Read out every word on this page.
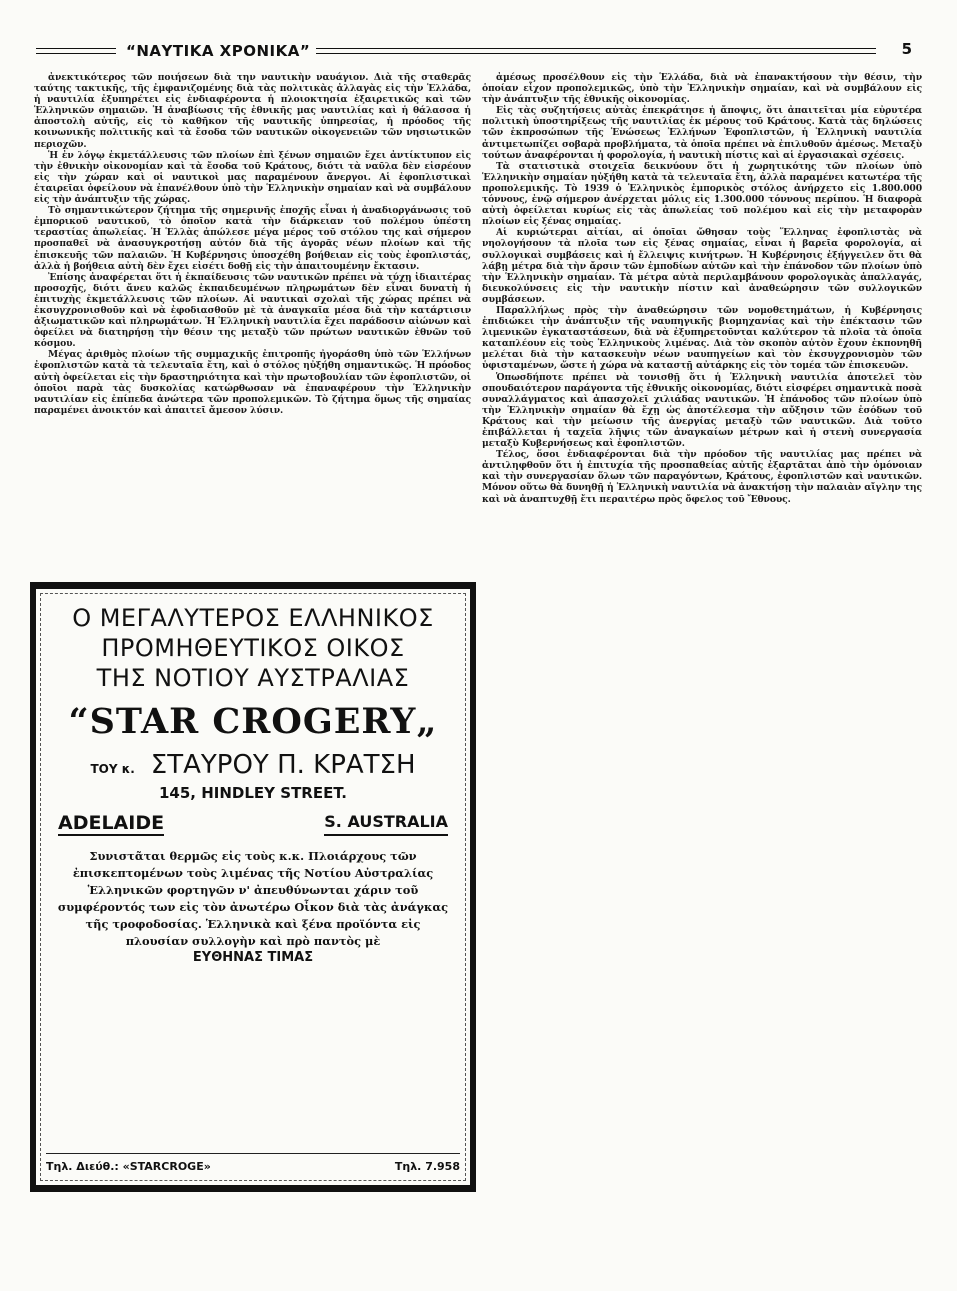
“ΝΑΥΤΙΚΑ ΧΡΟΝΙΚΑ”	5

ἀνεκτικότερος τῶν ποιήσεων διὰ την ναυτικὴν ναυάγιον. Διὰ τῆς σταθερᾶς ταύτης τακτικῆς, τῆς ἐμφανιζομένης διὰ τὰς πολιτικὰς ἀλλαγὰς εἰς τὴν Ἑλλάδα, ἡ ναυτιλία ἐξυπηρέτει εἰς ἐνδιαφέροντα ἡ πλοιοκτησία ἐξαιρετικῶς καὶ τῶν Ἑλληνικῶν σημαιῶν. Ἡ ἀναβίωσις τῆς ἐθνικῆς μας ναυτιλίας καὶ ἡ θάλασσα ἡ ἀποστολὴ αὐτῆς, εἰς τὸ καθῆκον τῆς ναυτικῆς ὑπηρεσίας, ἡ πρόοδος τῆς κοινωνικῆς πολιτικῆς καὶ τὰ ἔσοδα τῶν ναυτικῶν οἰκογενειῶν τῶν νησιωτικῶν περιοχῶν.

Ἡ ἐν λόγῳ ἐκμετάλλευσις τῶν πλοίων ἐπὶ ξένων σημαιῶν ἔχει ἀντίκτυπον εἰς τὴν ἐθνικὴν οἰκονομίαν καὶ τὰ ἔσοδα τοῦ Κράτους, διότι τὰ ναῦλα δὲν εἰσρέουν εἰς τὴν χώραν καὶ οἱ ναυτικοὶ μας παραμένουν ἄνεργοι. Αἱ ἐφοπλιστικαὶ ἑταιρεῖαι ὀφείλουν νὰ ἐπανέλθουν ὑπὸ τὴν Ἑλληνικὴν σημαίαν καὶ νὰ συμβάλουν εἰς τὴν ἀνάπτυξιν τῆς χώρας.

Τὸ σημαντικώτερον ζήτημα τῆς σημερινῆς ἐποχῆς εἶναι ἡ ἀναδιοργάνωσις τοῦ ἐμπορικοῦ ναυτικοῦ, τὸ ὁποῖον κατὰ τὴν διάρκειαν τοῦ πολέμου ὑπέστη τεραστίας ἀπωλείας. Ἡ Ἑλλὰς ἀπώλεσε μέγα μέρος τοῦ στόλου της καὶ σήμερον προσπαθεῖ νὰ ἀνασυγκροτήσῃ αὐτόν διὰ τῆς ἀγορᾶς νέων πλοίων καὶ τῆς ἐπισκευῆς τῶν παλαιῶν. Ἡ Κυβέρνησις ὑποσχέθη βοήθειαν εἰς τοὺς ἐφοπλιστάς, ἀλλὰ ἡ βοήθεια αὐτὴ δὲν ἔχει εἰσέτι δοθῇ εἰς τὴν ἀπαιτουμένην ἔκτασιν.

Ἐπίσης ἀναφέρεται ὅτι ἡ ἐκπαίδευσις τῶν ναυτικῶν πρέπει νὰ τύχῃ ἰδιαιτέρας προσοχῆς, διότι ἄνευ καλῶς ἐκπαιδευμένων πληρωμάτων δὲν εἶναι δυνατὴ ἡ ἐπιτυχὴς ἐκμετάλλευσις τῶν πλοίων. Αἱ ναυτικαὶ σχολαὶ τῆς χώρας πρέπει νὰ ἐκσυγχρονισθοῦν καὶ νὰ ἐφοδιασθοῦν μὲ τὰ ἀναγκαῖα μέσα διὰ τὴν κατάρτισιν ἀξιωματικῶν καὶ πληρωμάτων. Ἡ Ἑλληνικὴ ναυτιλία ἔχει παράδοσιν αἰώνων καὶ ὀφείλει νὰ διατηρήσῃ τὴν θέσιν της μεταξὺ τῶν πρώτων ναυτικῶν ἐθνῶν τοῦ κόσμου.

Μέγας ἀριθμὸς πλοίων τῆς συμμαχικῆς ἐπιτροπῆς ἠγοράσθη ὑπὸ τῶν Ἑλλήνων ἐφοπλιστῶν κατὰ τὰ τελευταῖα ἔτη, καὶ ὁ στόλος ηὐξήθη σημαντικῶς. Ἡ πρόοδος αὐτὴ ὀφείλεται εἰς τὴν δραστηριότητα καὶ τὴν πρωτοβουλίαν τῶν ἐφοπλιστῶν, οἱ ὁποῖοι παρὰ τὰς δυσκολίας κατώρθωσαν νὰ ἐπαναφέρουν τὴν Ἑλληνικὴν ναυτιλίαν εἰς ἐπίπεδα ἀνώτερα τῶν προπολεμικῶν. Τὸ ζήτημα ὅμως τῆς σημαίας παραμένει ἀνοικτόν καὶ ἀπαιτεῖ ἄμεσον λύσιν.

Ο ΜΕΓΑΛΥΤΕΡΟΣ ΕΛΛΗΝΙΚΟΣ
ΠΡΟΜΗΘΕΥΤΙΚΟΣ ΟΙΚΟΣ
ΤΗΣ ΝΟΤΙΟΥ ΑΥΣΤΡΑΛΙΑΣ
“STAR CROGERY„
ΤΟΥ κ. ΣΤΑΥΡΟΥ Π. ΚΡΑΤΣΗ
145, HINDLEY STREET.
ADELAIDE	S. AUSTRALIA
Συνιστᾶται θερμῶς εἰς τοὺς κ.κ. Πλοιάρχους τῶν ἐπισκεπτομένων τοὺς λιμένας τῆς Νοτίου Αὐστραλίας Ἑλληνικῶν φορτηγῶν ν' ἀπευθύνωνται χάριν τοῦ συμφέροντός των εἰς τὸν ἀνωτέρω Οἶκον διὰ τὰς ἀνάγκας τῆς τροφοδοσίας. Ἑλληνικὰ καὶ ξένα προϊόντα εἰς πλουσίαν συλλογὴν καὶ πρὸ παντὸς μὲ
ΕΥΘΗΝΑΣ ΤΙΜΑΣ
Τηλ. Διεύθ.: «STARCROGE»	Τηλ. 7.958

ἀμέσως προσέλθουν εἰς τὴν Ἑλλάδα, διὰ νὰ ἐπανακτήσουν τὴν θέσιν, τὴν ὁποίαν εἶχον προπολεμικῶς, ὑπὸ τὴν Ἑλληνικὴν σημαίαν, καὶ νὰ συμβάλουν εἰς τὴν ἀνάπτυξιν τῆς ἐθνικῆς οἰκονομίας.

Εἰς τὰς συζητήσεις αὐτὰς ἐπεκράτησε ἡ ἄποψις, ὅτι ἀπαιτεῖται μία εὐρυτέρα πολιτικὴ ὑποστηρίξεως τῆς ναυτιλίας ἐκ μέρους τοῦ Κράτους. Κατὰ τὰς δηλώσεις τῶν ἐκπροσώπων τῆς Ἑνώσεως Ἑλλήνων Ἐφοπλιστῶν, ἡ Ἑλληνικὴ ναυτιλία ἀντιμετωπίζει σοβαρὰ προβλήματα, τὰ ὁποῖα πρέπει νὰ ἐπιλυθοῦν ἀμέσως. Μεταξὺ τούτων ἀναφέρονται ἡ φορολογία, ἡ ναυτικὴ πίστις καὶ αἱ ἐργασιακαὶ σχέσεις.

Τὰ στατιστικὰ στοιχεῖα δεικνύουν ὅτι ἡ χωρητικότης τῶν πλοίων ὑπὸ Ἑλληνικὴν σημαίαν ηὐξήθη κατὰ τὰ τελευταῖα ἔτη, ἀλλὰ παραμένει κατωτέρα τῆς προπολεμικῆς. Τὸ 1939 ὁ Ἑλληνικὸς ἐμπορικὸς στόλος ἀνήρχετο εἰς 1.800.000 τόννους, ἐνῷ σήμερον ἀνέρχεται μόλις εἰς 1.300.000 τόννους περίπου. Ἡ διαφορὰ αὐτὴ ὀφείλεται κυρίως εἰς τὰς ἀπωλείας τοῦ πολέμου καὶ εἰς τὴν μεταφορὰν πλοίων εἰς ξένας σημαίας.

Αἱ κυριώτεραι αἰτίαι, αἱ ὁποῖαι ὤθησαν τοὺς Ἕλληνας ἐφοπλιστὰς νὰ νηολογήσουν τὰ πλοῖα των εἰς ξένας σημαίας, εἶναι ἡ βαρεῖα φορολογία, αἱ συλλογικαὶ συμβάσεις καὶ ἡ ἔλλειψις κινήτρων. Ἡ Κυβέρνησις ἐξήγγειλεν ὅτι θὰ λάβῃ μέτρα διὰ τὴν ἄρσιν τῶν ἐμποδίων αὐτῶν καὶ τὴν ἐπάνοδον τῶν πλοίων ὑπὸ τὴν Ἑλληνικὴν σημαίαν. Τὰ μέτρα αὐτὰ περιλαμβάνουν φορολογικὰς ἀπαλλαγάς, διευκολύνσεις εἰς τὴν ναυτικὴν πίστιν καὶ ἀναθεώρησιν τῶν συλλογικῶν συμβάσεων.

Παραλλήλως πρὸς τὴν ἀναθεώρησιν τῶν νομοθετημάτων, ἡ Κυβέρνησις ἐπιδιώκει τὴν ἀνάπτυξιν τῆς ναυπηγικῆς βιομηχανίας καὶ τὴν ἐπέκτασιν τῶν λιμενικῶν ἐγκαταστάσεων, διὰ νὰ ἐξυπηρετοῦνται καλύτερον τὰ πλοῖα τὰ ὁποῖα καταπλέουν εἰς τοὺς Ἑλληνικοὺς λιμένας. Διὰ τὸν σκοπὸν αὐτὸν ἔχουν ἐκπονηθῆ μελέται διὰ τὴν κατασκευὴν νέων ναυπηγείων καὶ τὸν ἐκσυγχρονισμὸν τῶν ὑφισταμένων, ὥστε ἡ χώρα νὰ καταστῇ αὐτάρκης εἰς τὸν τομέα τῶν ἐπισκευῶν.

Ὁπωσδήποτε πρέπει νὰ τονισθῇ ὅτι ἡ Ἑλληνικὴ ναυτιλία ἀποτελεῖ τὸν σπουδαιότερον παράγοντα τῆς ἐθνικῆς οἰκονομίας, διότι εἰσφέρει σημαντικὰ ποσὰ συναλλάγματος καὶ ἀπασχολεῖ χιλιάδας ναυτικῶν. Ἡ ἐπάνοδος τῶν πλοίων ὑπὸ τὴν Ἑλληνικὴν σημαίαν θὰ ἔχῃ ὡς ἀποτέλεσμα τὴν αὔξησιν τῶν ἐσόδων τοῦ Κράτους καὶ τὴν μείωσιν τῆς ἀνεργίας μεταξὺ τῶν ναυτικῶν. Διὰ τοῦτο ἐπιβάλλεται ἡ ταχεῖα λῆψις τῶν ἀναγκαίων μέτρων καὶ ἡ στενὴ συνεργασία μεταξὺ Κυβερνήσεως καὶ ἐφοπλιστῶν.

Τέλος, ὅσοι ἐνδιαφέρονται διὰ τὴν πρόοδον τῆς ναυτιλίας μας πρέπει νὰ ἀντιληφθοῦν ὅτι ἡ ἐπιτυχία τῆς προσπαθείας αὐτῆς ἐξαρτᾶται ἀπὸ τὴν ὁμόνοιαν καὶ τὴν συνεργασίαν ὅλων τῶν παραγόντων, Κράτους, ἐφοπλιστῶν καὶ ναυτικῶν. Μόνον οὕτω θὰ δυνηθῇ ἡ Ἑλληνικὴ ναυτιλία νὰ ἀνακτήσῃ τὴν παλαιὰν αἴγλην της καὶ νὰ ἀναπτυχθῇ ἔτι περαιτέρω πρὸς ὄφελος τοῦ Ἔθνους.
